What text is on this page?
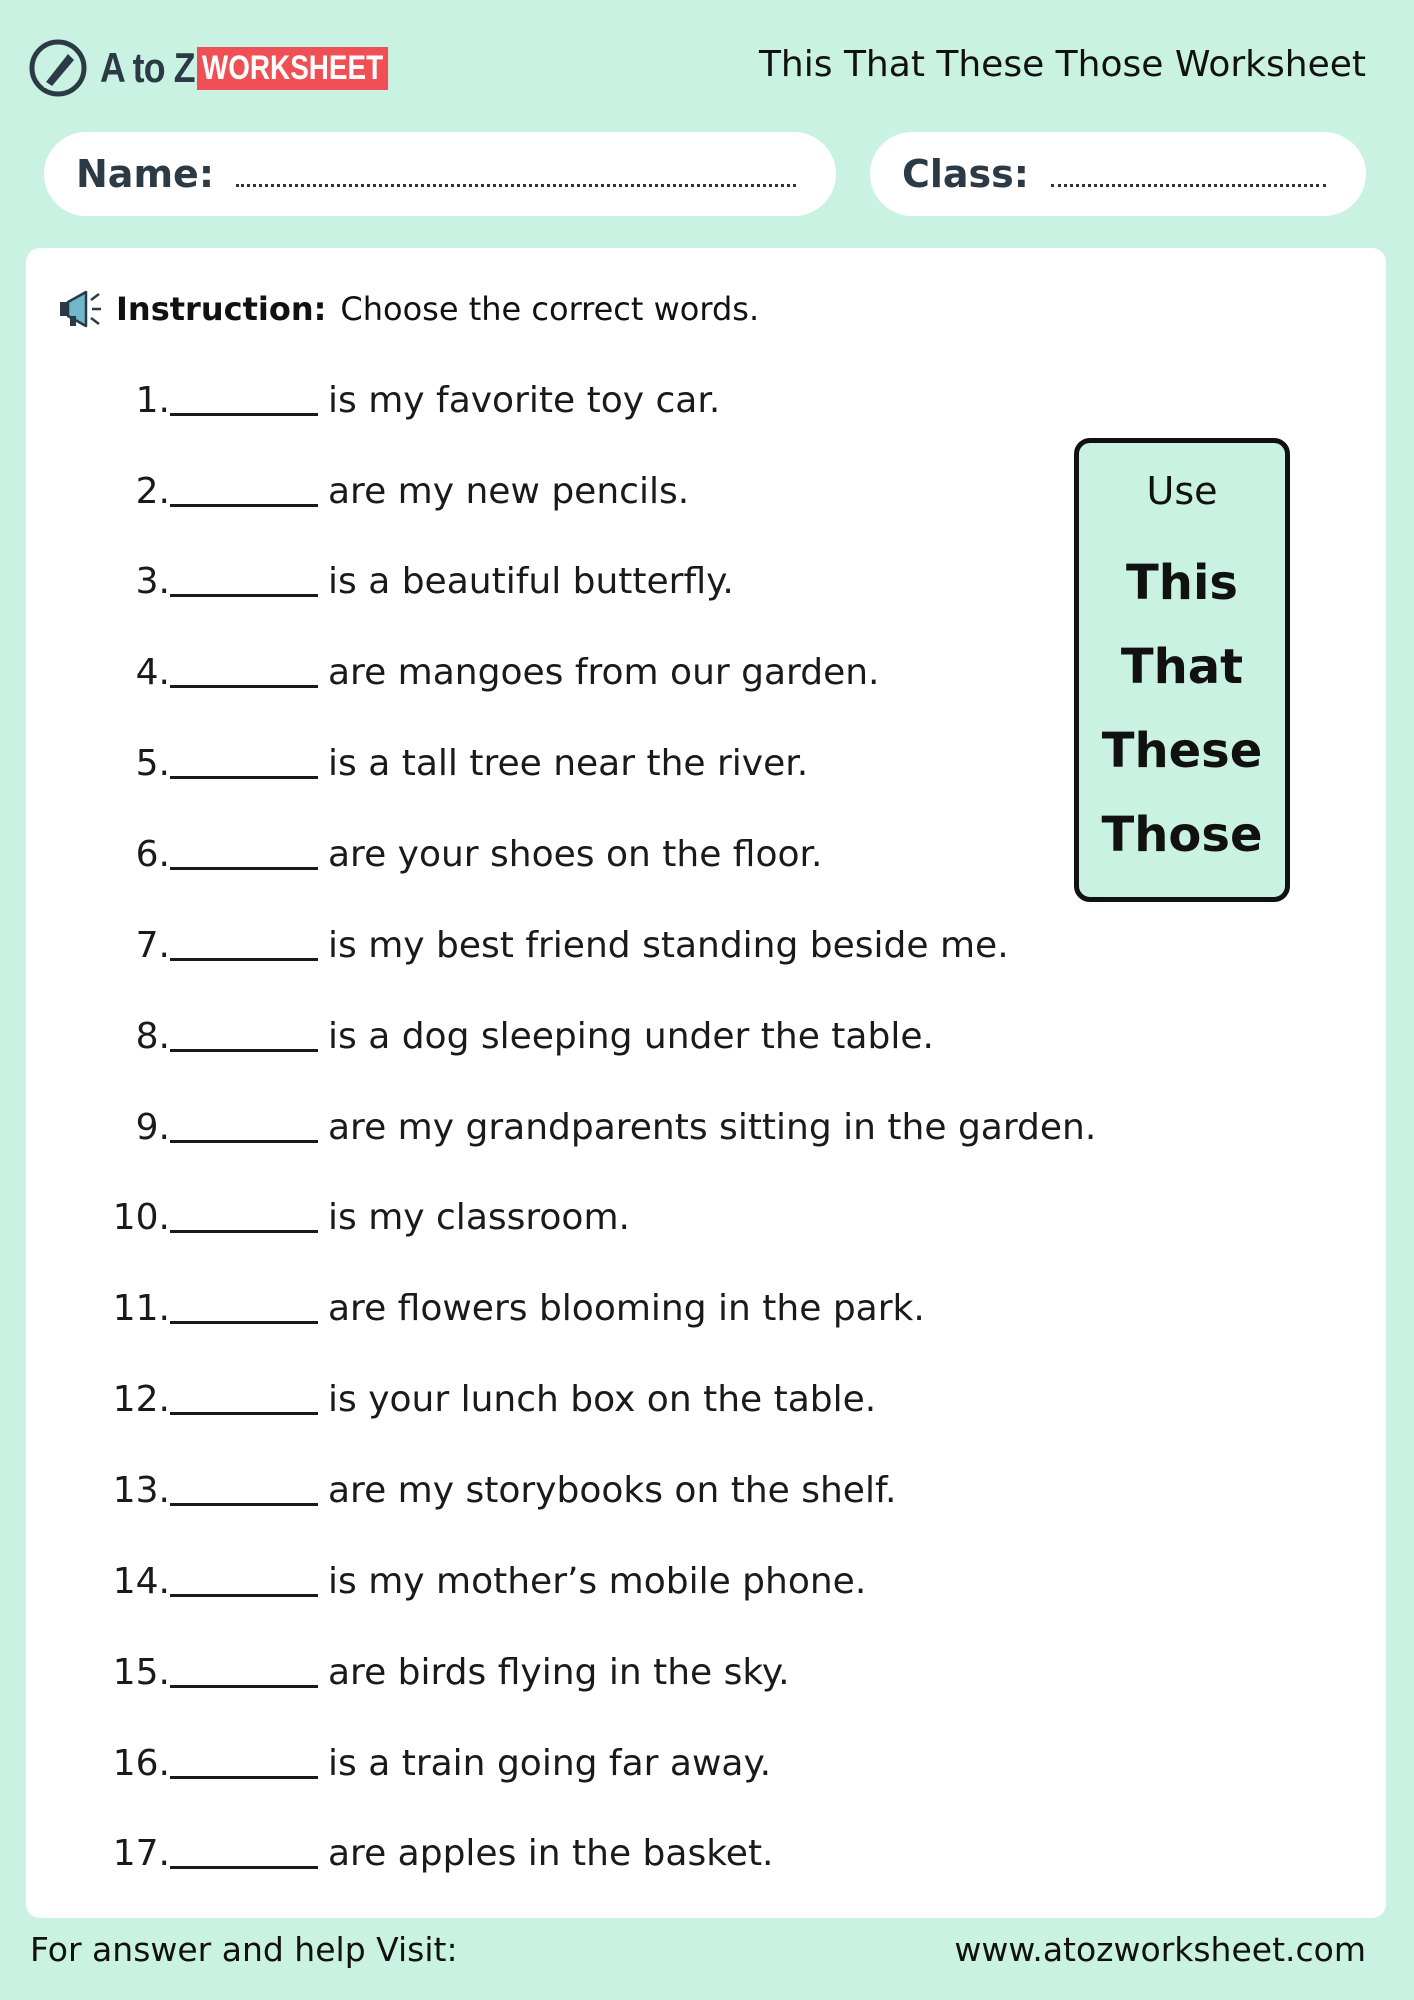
A to Z WORKSHEET	This That These Those Worksheet
Name:	Class:
Instruction: Choose the correct words.
1.	is my favorite toy car.
2.	are my new pencils.
3.	is a beautiful butterfly.
4.	are mangoes from our garden.
5.	is a tall tree near the river.
6.	are your shoes on the floor.
7.	is my best friend standing beside me.
8.	is a dog sleeping under the table.
9.	are my grandparents sitting in the garden.
10.	is my classroom.
11.	are flowers blooming in the park.
12.	is your lunch box on the table.
13.	are my storybooks on the shelf.
14.	is my mother’s mobile phone.
15.	are birds flying in the sky.
16.	is a train going far away.
17.	are apples in the basket.
Use
This
That
These
Those
For answer and help Visit:	www.atozworksheet.com
